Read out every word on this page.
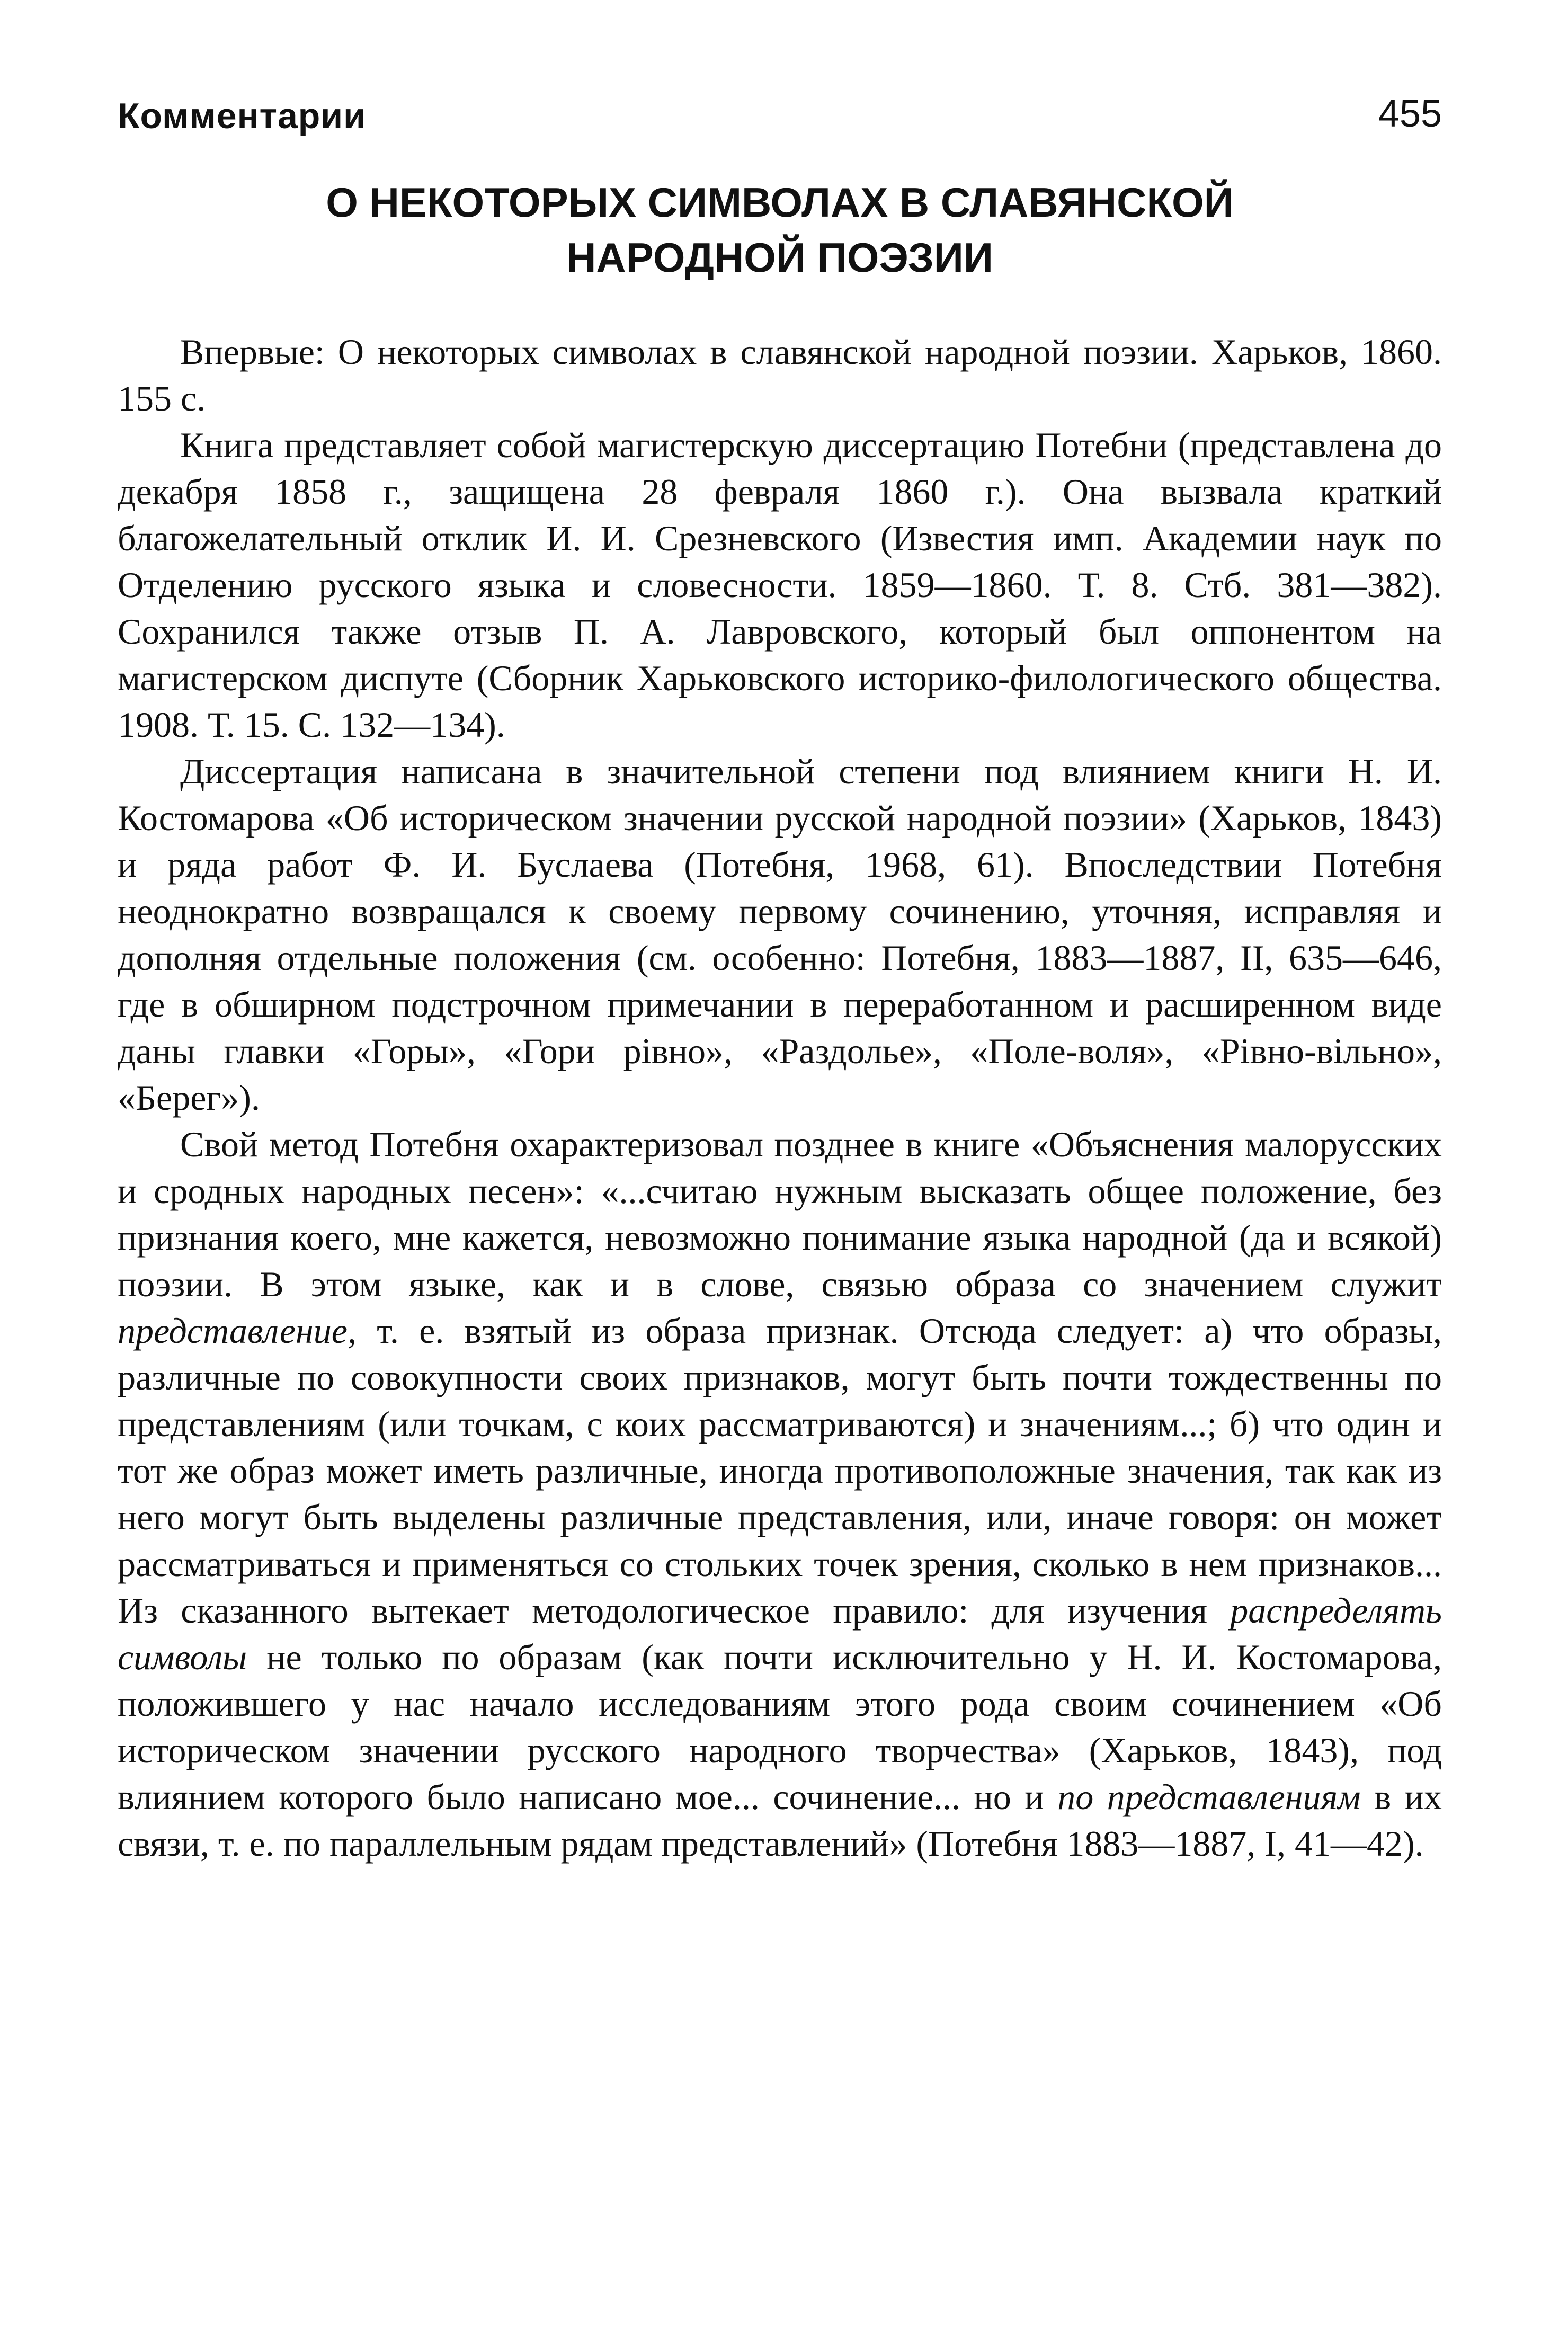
Комментарии	455
О НЕКОТОРЫХ СИМВОЛАХ В СЛАВЯНСКОЙ
НАРОДНОЙ ПОЭЗИИ

Впервые: О некоторых символах в славянской народной поэзии. Харьков, 1860. 155 с.

Книга представляет собой магистерскую диссертацию Потебни (представлена до декабря 1858 г., защищена 28 февраля 1860 г.). Она вызвала краткий благожелательный отклик И. И. Срезневского (Известия имп. Академии наук по Отделению русского языка и словесности. 1859—1860. Т. 8. Стб. 381—382). Сохранился также отзыв П. А. Лавровского, который был оппонентом на магистерском диспуте (Сборник Харьковского историко-филологического общества. 1908. Т. 15. С. 132—134).

Диссертация написана в значительной степени под влиянием книги Н. И. Костомарова «Об историческом значении русской народной поэзии» (Харьков, 1843) и ряда работ Ф. И. Буслаева (Потебня, 1968, 61). Впоследствии Потебня неоднократно возвращался к своему первому сочинению, уточняя, исправляя и дополняя отдельные положения (см. особенно: Потебня, 1883—1887, II, 635—646, где в обширном подстрочном примечании в переработанном и расширенном виде даны главки «Горы», «Гори рівно», «Раздолье», «Поле-воля», «Рівно-вільно», «Берег»).

Свой метод Потебня охарактеризовал позднее в книге «Объяснения малорусских и сродных народных песен»: «...считаю нужным высказать общее положение, без признания коего, мне кажется, невозможно понимание языка народной (да и всякой) поэзии. В этом языке, как и в слове, связью образа со значением служит представление, т. е. взятый из образа признак. Отсюда следует: а) что образы, различные по совокупности своих признаков, могут быть почти тождественны по представлениям (или точкам, с коих рассматриваются) и значениям...; б) что один и тот же образ может иметь различные, иногда противоположные значения, так как из него могут быть выделены различные представления, или, иначе говоря: он может рассматриваться и применяться со стольких точек зрения, сколько в нем признаков... Из сказанного вытекает методологическое правило: для изучения распределять символы не только по образам (как почти исключительно у Н. И. Костомарова, положившего у нас начало исследованиям этого рода своим сочинением «Об историческом значении русского народного творчества» (Харьков, 1843), под влиянием которого было написано мое... сочинение... но и по представлениям в их связи, т. е. по параллельным рядам представлений» (Потебня 1883—1887, I, 41—42).
